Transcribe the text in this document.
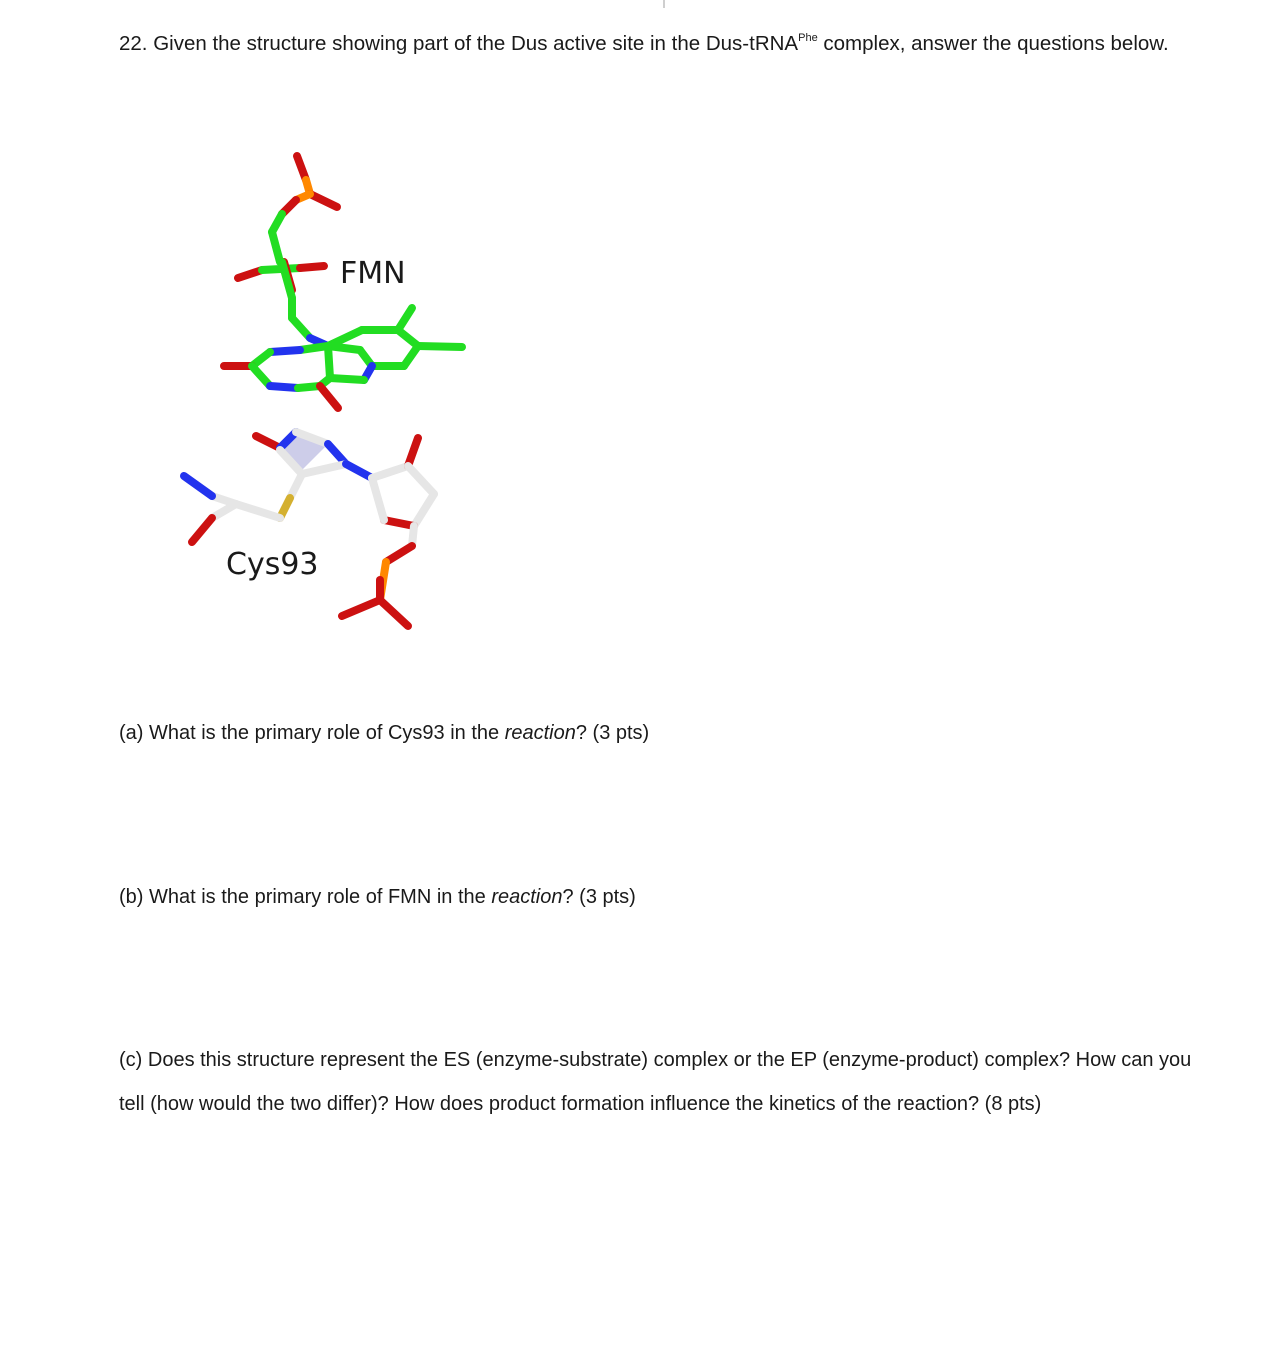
22. Given the structure showing part of the Dus active site in the Dus-tRNA$^{Phe}$ complex, answer the questions below.

FMN
Cys93
(a) What is the primary role of Cys93 in the reaction? (3 pts)
(b) What is the primary role of FMN in the reaction? (3 pts)
(c) Does this structure represent the ES (enzyme-substrate) complex or the EP (enzyme-product) complex? How can you tell (how would the two differ)? How does product formation influence the kinetics of the reaction? (8 pts)
